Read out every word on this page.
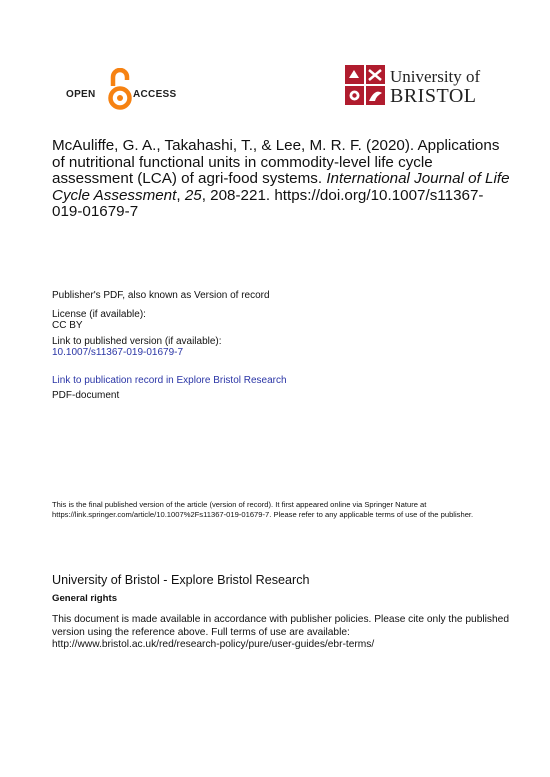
OPEN	ACCESS
University of
BRISTOL
McAuliffe, G. A., Takahashi, T., & Lee, M. R. F. (2020). Applications of nutritional functional units in commodity-level life cycle assessment (LCA) of agri-food systems. International Journal of Life Cycle Assessment, 25, 208-221. https://doi.org/10.1007/s11367-019-01679-7
Publisher's PDF, also known as Version of record
License (if available):
CC BY
Link to published version (if available):
10.1007/s11367-019-01679-7
Link to publication record in Explore Bristol Research
PDF-document
This is the final published version of the article (version of record). It first appeared online via Springer Nature at https://link.springer.com/article/10.1007%2Fs11367-019-01679-7. Please refer to any applicable terms of use of the publisher.
University of Bristol - Explore Bristol Research
General rights
This document is made available in accordance with publisher policies. Please cite only the published version using the reference above. Full terms of use are available: http://www.bristol.ac.uk/red/research-policy/pure/user-guides/ebr-terms/
